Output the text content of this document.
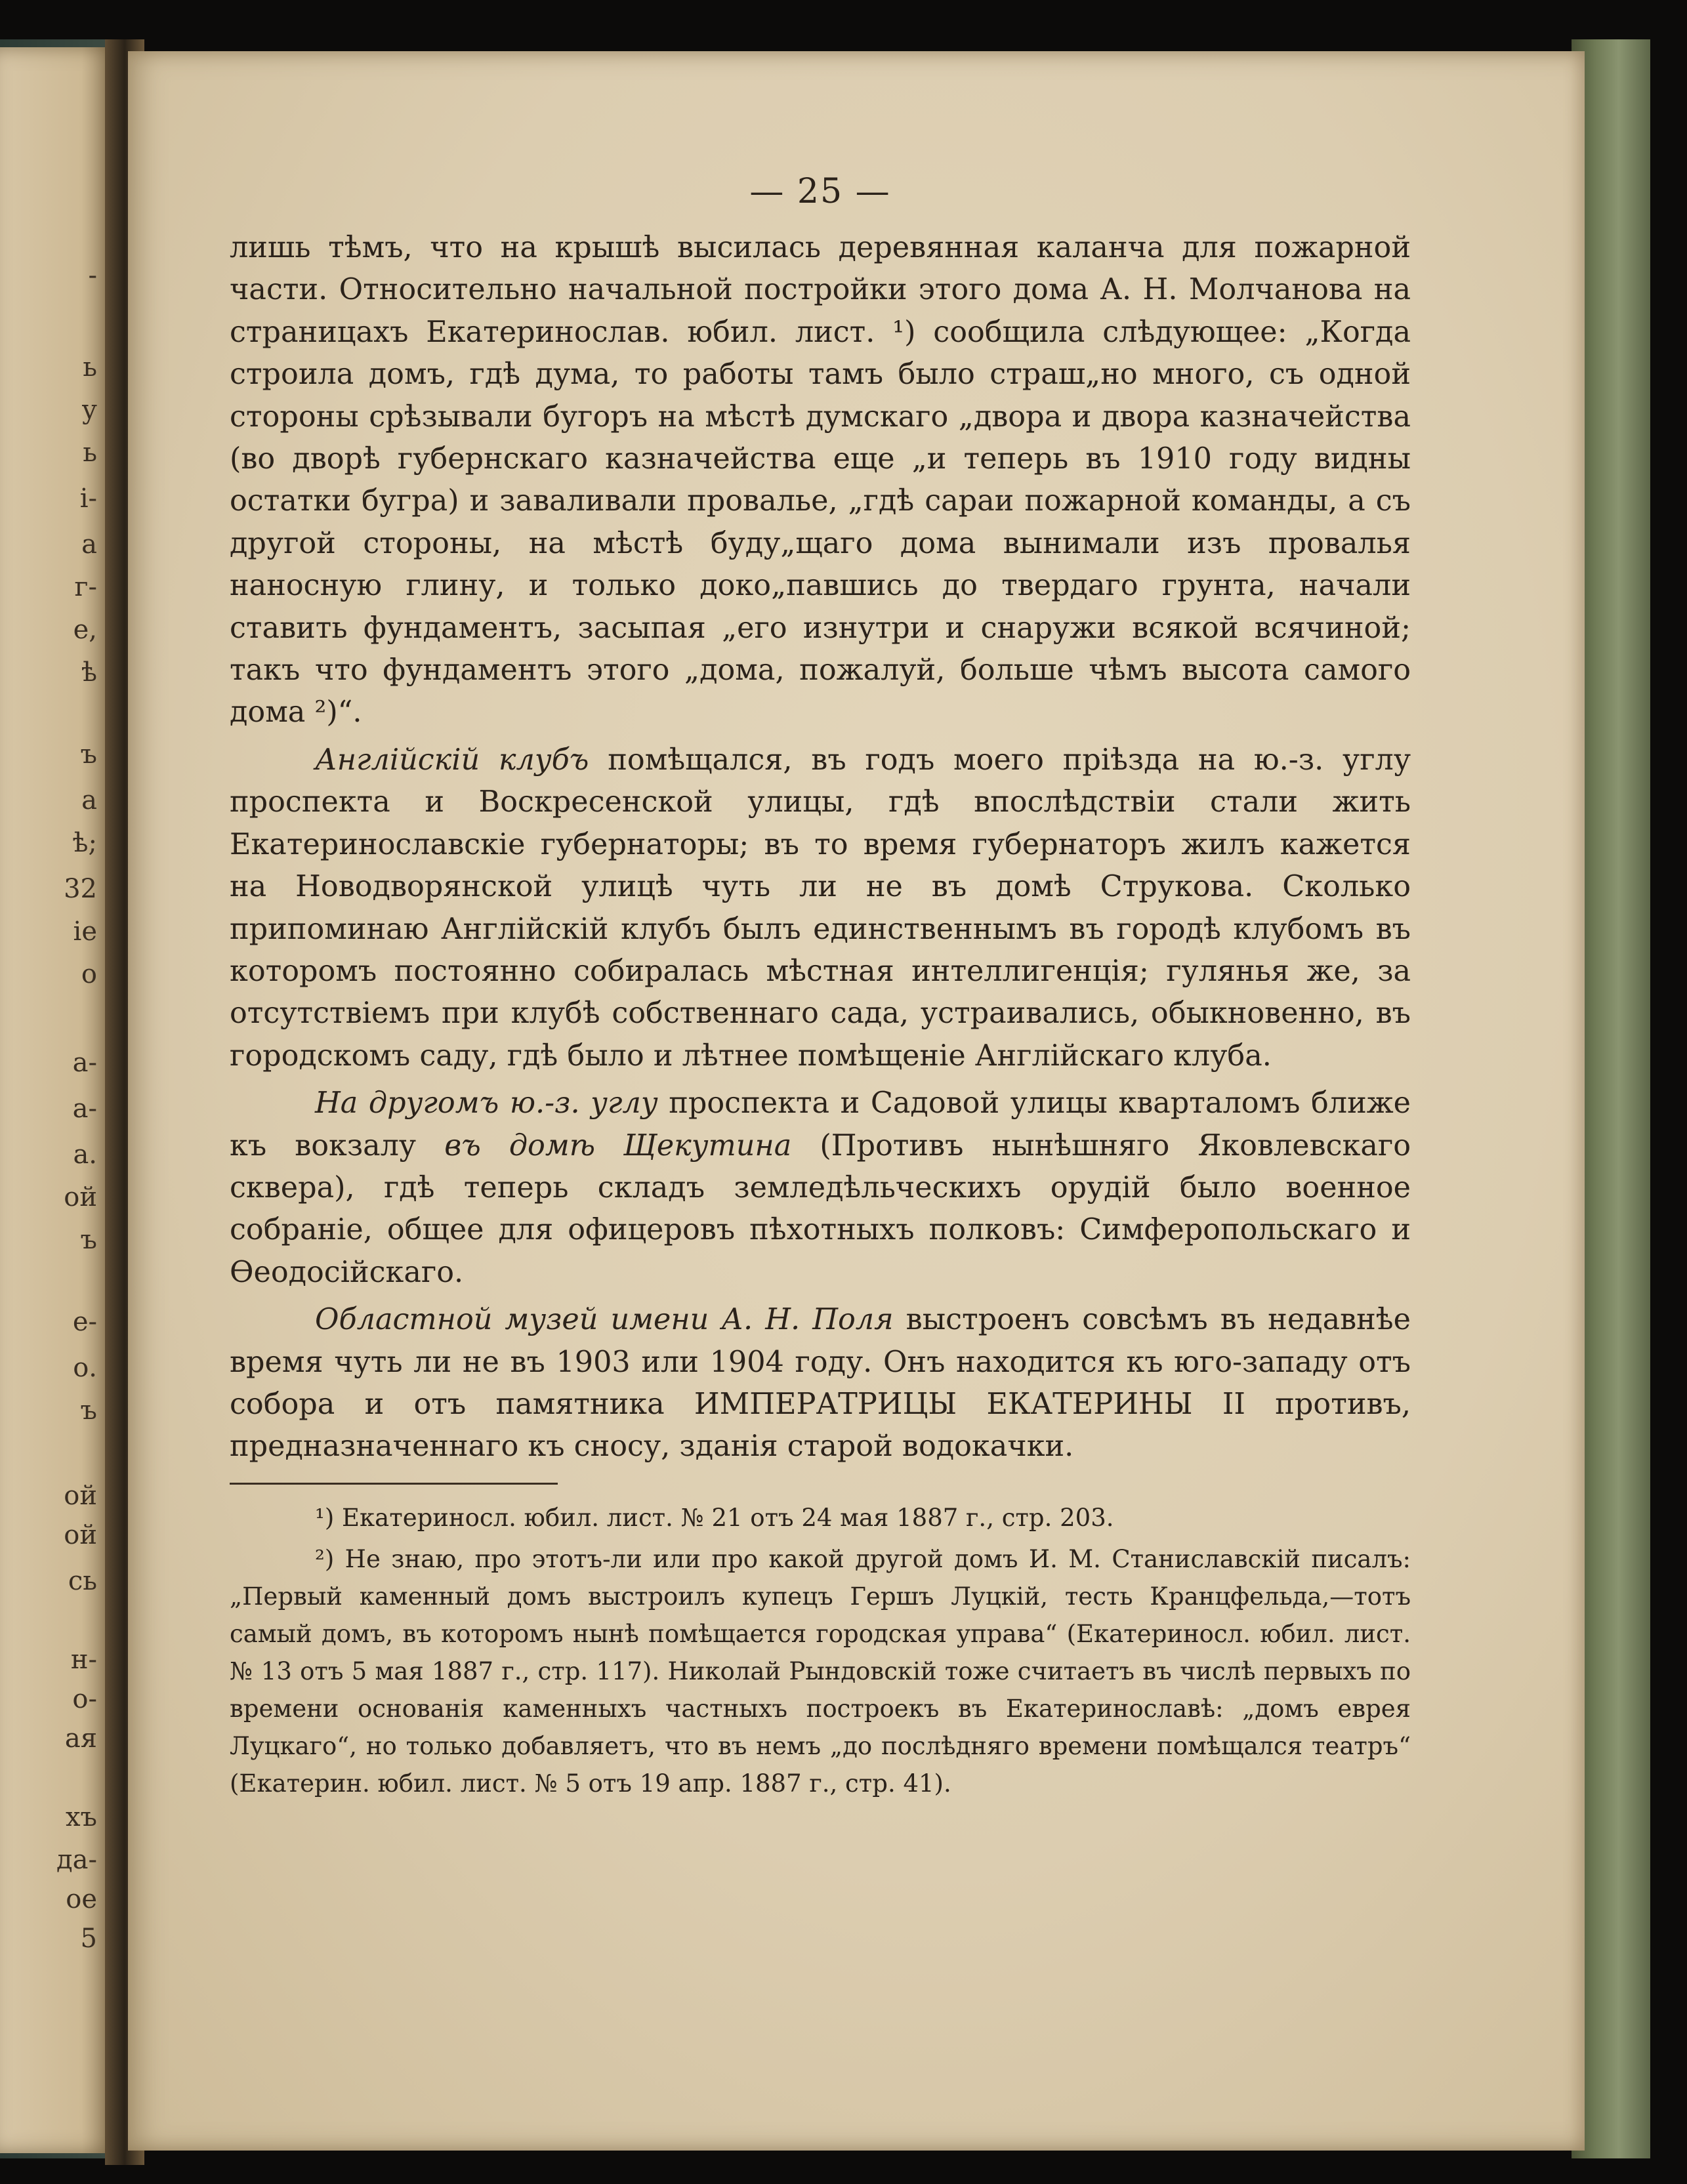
-
ь
у
ь
і-
а
г-
е,
ѣ
ъ
а
ѣ;
32
іе
о
а-
а-
а.
ой
ъ
е-
о.
ъ
ой
ой
сь
н-
о-
ая
хъ
да-
ое
5
— 25 —

лишь тѣмъ, что на крышѣ высилась деревянная каланча для пожарной части. Относительно начальной постройки этого дома А. Н. Молчанова на страницахъ Екатеринослав. юбил. лист. ¹) сообщила слѣдующее: „Когда строила домъ, гдѣ дума, то работы тамъ было страш„но много, съ одной стороны срѣзывали бугоръ на мѣстѣ думскаго „двора и двора казначейства (во дворѣ губернскаго казначейства еще „и теперь въ 1910 году видны остатки бугра) и заваливали провалье, „гдѣ сараи пожарной команды, а съ другой стороны, на мѣстѣ буду„щаго дома вынимали изъ провалья наносную глину, и только доко„павшись до твердаго грунта, начали ставить фундаментъ, засыпая „его изнутри и снаружи всякой всячиной; такъ что фундаментъ этого „дома, пожалуй, больше чѣмъ высота самого дома ²)“.

Англійскій клубъ помѣщался, въ годъ моего пріѣзда на ю.-з. углу проспекта и Воскресенской улицы, гдѣ впослѣдствіи стали жить Екатеринославскіе губернаторы; въ то время губернаторъ жилъ кажется на Новодворянской улицѣ чуть ли не въ домѣ Струкова. Сколько припоминаю Англійскій клубъ былъ единственнымъ въ городѣ клубомъ въ которомъ постоянно собиралась мѣстная интеллигенція; гулянья же, за отсутствіемъ при клубѣ собственнаго сада, устраивались, обыкновенно, въ городскомъ саду, гдѣ было и лѣтнее помѣщеніе Англійскаго клуба.

На другомъ ю.-з. углу проспекта и Садовой улицы кварталомъ ближе къ вокзалу въ домѣ Щекутина (Противъ нынѣшняго Яковлевскаго сквера), гдѣ теперь складъ земледѣльческихъ орудій было военное собраніе, общее для офицеровъ пѣхотныхъ полковъ: Симферопольскаго и Ѳеодосійскаго.

Областной музей имени А. Н. Поля выстроенъ совсѣмъ въ недавнѣе время чуть ли не въ 1903 или 1904 году. Онъ находится къ юго-западу отъ собора и отъ памятника ИМПЕРАТРИЦЫ ЕКАТЕРИНЫ II противъ, предназначеннаго къ сносу, зданія старой водокачки.

¹) Екатериносл. юбил. лист. № 21 отъ 24 мая 1887 г., стр. 203.

²) Не знаю, про этотъ-ли или про какой другой домъ И. М. Станиславскій писалъ: „Первый каменный домъ выстроилъ купецъ Гершъ Луцкій, тесть Кранцфельда,—тотъ самый домъ, въ которомъ нынѣ помѣщается городская управа“ (Екатериносл. юбил. лист. № 13 отъ 5 мая 1887 г., стр. 117). Николай Рындовскій тоже считаетъ въ числѣ первыхъ по времени основанія каменныхъ частныхъ построекъ въ Екатеринославѣ: „домъ еврея Луцкаго“, но только добавляетъ, что въ немъ „до послѣдняго времени помѣщался театръ“ (Екатерин. юбил. лист. № 5 отъ 19 апр. 1887 г., стр. 41).
